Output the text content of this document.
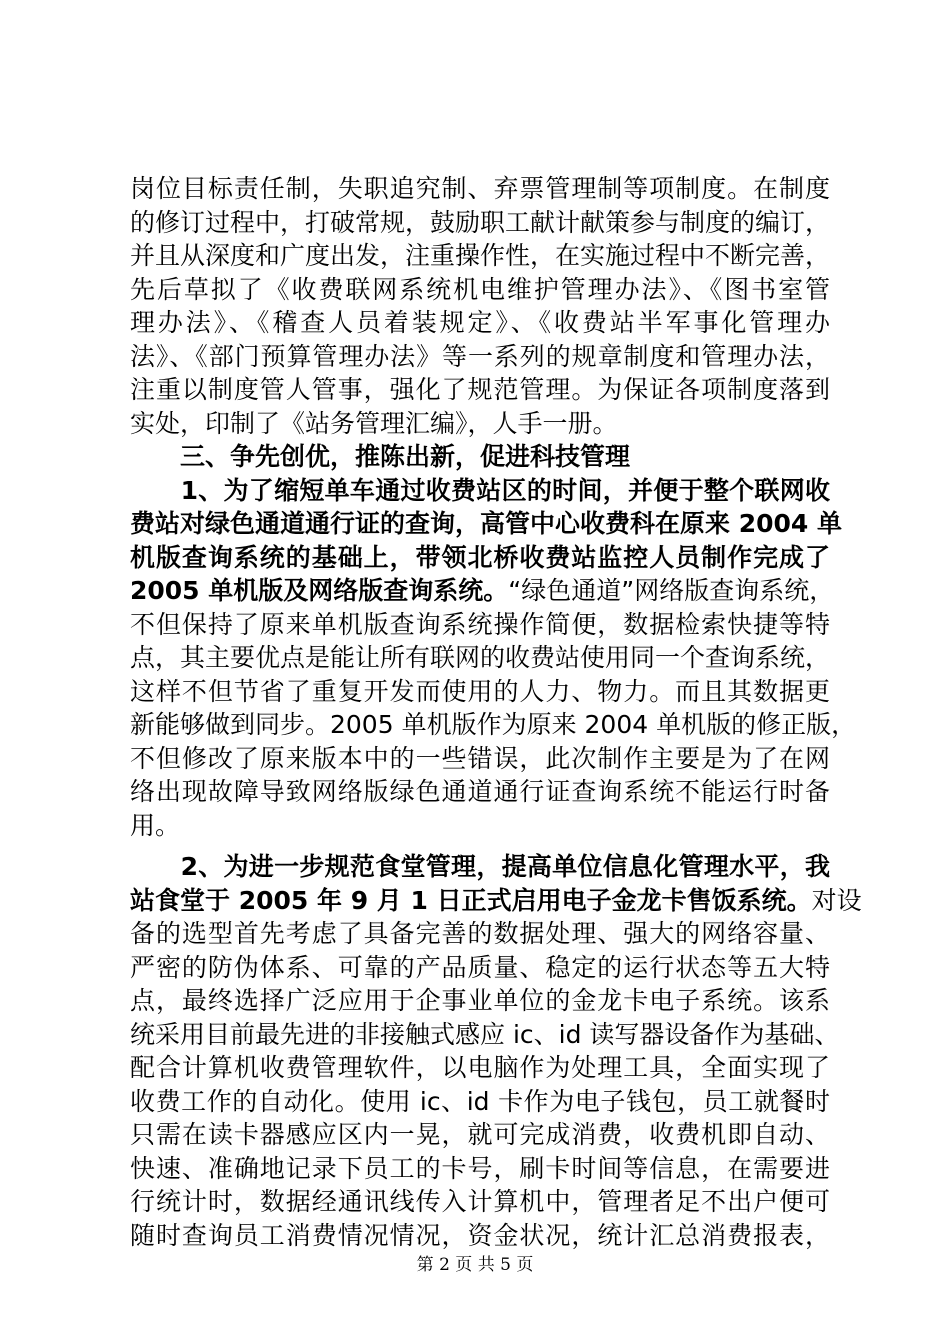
岗位目标责任制，失职追究制、弃票管理制等项制度。在制度
的修订过程中，打破常规，鼓励职工献计献策参与制度的编订，
并且从深度和广度出发，注重操作性，在实施过程中不断完善，
先后草拟了《收费联网系统机电维护管理办法》、《图书室管
理办法》、《稽查人员着装规定》、《收费站半军事化管理办
法》、《部门预算管理办法》等一系列的规章制度和管理办法，
注重以制度管人管事，强化了规范管理。为保证各项制度落到
实处，印制了《站务管理汇编》，人手一册。
　　三、争先创优，推陈出新，促进科技管理
　　1、为了缩短单车通过收费站区的时间，并便于整个联网收
费站对绿色通道通行证的查询，高管中心收费科在原来 2004 单
机版查询系统的基础上，带领北桥收费站监控人员制作完成了
2005 单机版及网络版查询系统。“绿色通道”网络版查询系统，
不但保持了原来单机版查询系统操作简便，数据检索快捷等特
点，其主要优点是能让所有联网的收费站使用同一个查询系统，
这样不但节省了重复开发而使用的人力、物力。而且其数据更
新能够做到同步。2005 单机版作为原来 2004 单机版的修正版，
不但修改了原来版本中的一些错误，此次制作主要是为了在网
络出现故障导致网络版绿色通道通行证查询系统不能运行时备
用。
　　2、为进一步规范食堂管理，提高单位信息化管理水平，我
站食堂于 2005 年 9 月 1 日正式启用电子金龙卡售饭系统。对设
备的选型首先考虑了具备完善的数据处理、强大的网络容量、
严密的防伪体系、可靠的产品质量、稳定的运行状态等五大特
点，最终选择广泛应用于企事业单位的金龙卡电子系统。该系
统采用目前最先进的非接触式感应 ic、id 读写器设备作为基础、
配合计算机收费管理软件，以电脑作为处理工具，全面实现了
收费工作的自动化。使用 ic、id 卡作为电子钱包，员工就餐时
只需在读卡器感应区内一晃，就可完成消费，收费机即自动、
快速、准确地记录下员工的卡号，刷卡时间等信息，在需要进
行统计时，数据经通讯线传入计算机中，管理者足不出户便可
随时查询员工消费情况情况，资金状况，统计汇总消费报表，
第 2 页 共 5 页
